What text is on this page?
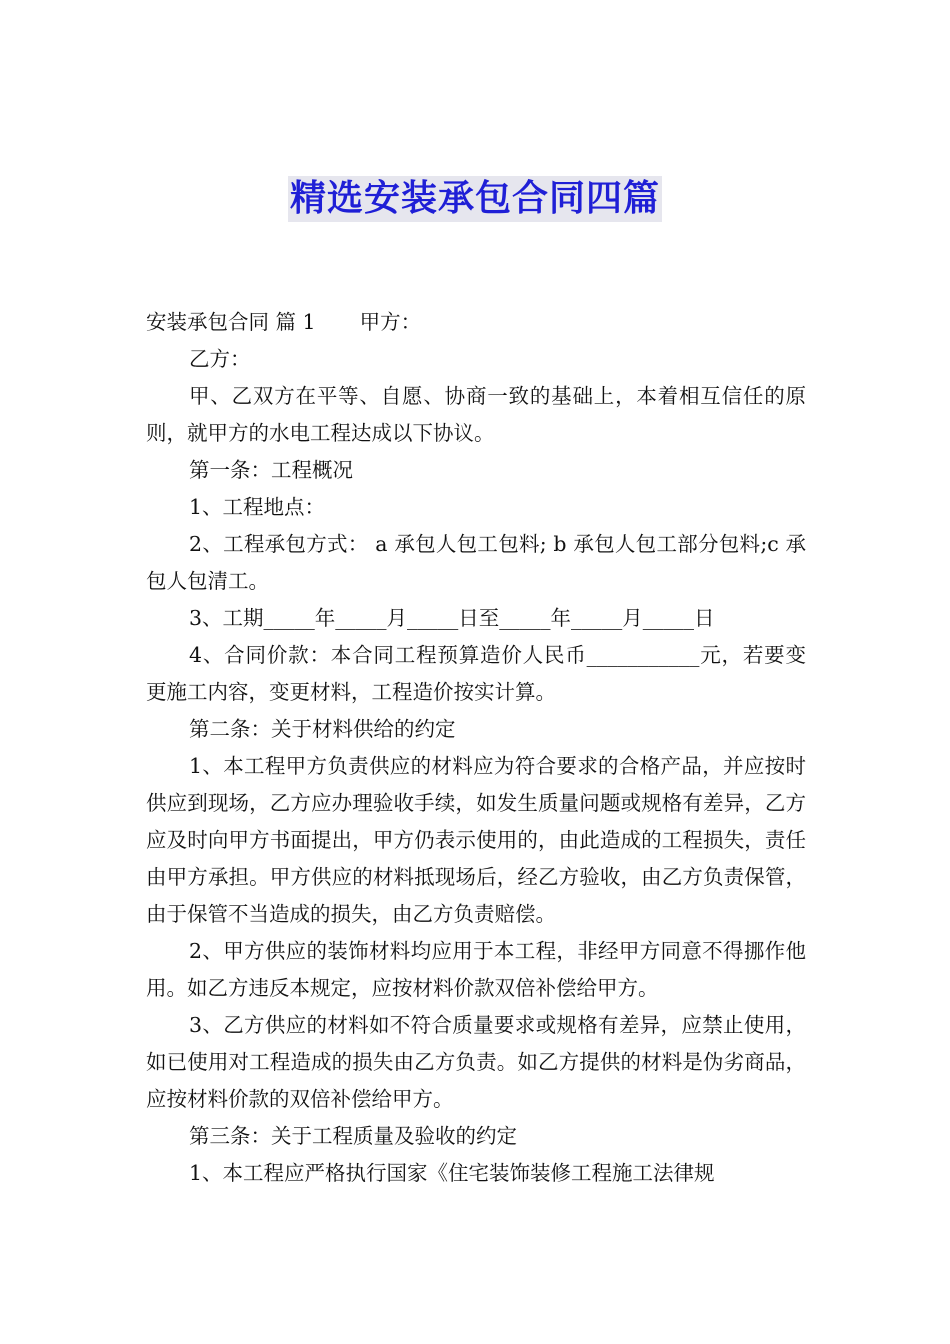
精选安装承包合同四篇

安装承包合同 篇 1 甲方：

乙方：

甲、乙双方在平等、自愿、协商一致的基础上，本着相互信任的原则，就甲方的水电工程达成以下协议。

第一条：工程概况

1、工程地点：

2、工程承包方式： a 承包人包工包料; b 承包人包工部分包料;c 承包人包清工。

3、工期_____年_____月_____日至_____年_____月_____日

4、合同价款：本合同工程预算造价人民币___________元，若要变更施工内容，变更材料，工程造价按实计算。

第二条：关于材料供给的约定

1、本工程甲方负责供应的材料应为符合要求的合格产品，并应按时供应到现场，乙方应办理验收手续，如发生质量问题或规格有差异，乙方应及时向甲方书面提出，甲方仍表示使用的，由此造成的工程损失，责任由甲方承担。甲方供应的材料抵现场后，经乙方验收，由乙方负责保管，由于保管不当造成的损失，由乙方负责赔偿。

2、甲方供应的装饰材料均应用于本工程，非经甲方同意不得挪作他用。如乙方违反本规定，应按材料价款双倍补偿给甲方。

3、乙方供应的材料如不符合质量要求或规格有差异，应禁止使用，如已使用对工程造成的损失由乙方负责。如乙方提供的材料是伪劣商品，应按材料价款的双倍补偿给甲方。

第三条：关于工程质量及验收的约定

1、本工程应严格执行国家《住宅装饰装修工程施工法律规
